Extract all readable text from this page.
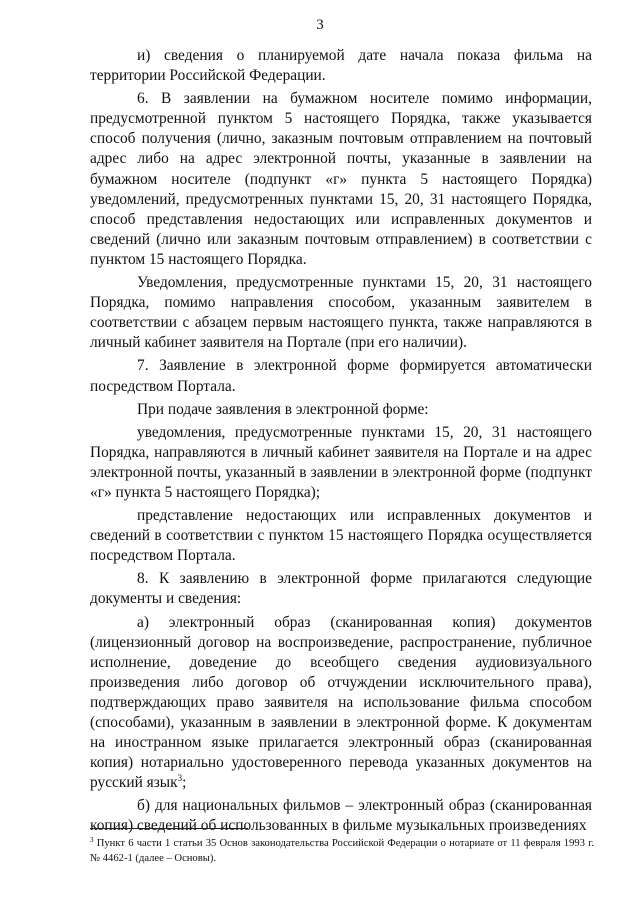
3

и) сведения о планируемой дате начала показа фильма на территории Российской Федерации.

6. В заявлении на бумажном носителе помимо информации, предусмотренной пунктом 5 настоящего Порядка, также указывается способ получения (лично, заказным почтовым отправлением на почтовый адрес либо на адрес электронной почты, указанные в заявлении на бумажном носителе (подпункт «г» пункта 5 настоящего Порядка) уведомлений, предусмотренных пунктами 15, 20, 31 настоящего Порядка, способ представления недостающих или исправленных документов и сведений (лично или заказным почтовым отправлением) в соответствии с пунктом 15 настоящего Порядка.

Уведомления, предусмотренные пунктами 15, 20, 31 настоящего Порядка, помимо направления способом, указанным заявителем в соответствии с абзацем первым настоящего пункта, также направляются в личный кабинет заявителя на Портале (при его наличии).

7. Заявление в электронной форме формируется автоматически посредством Портала.

При подаче заявления в электронной форме:

уведомления, предусмотренные пунктами 15, 20, 31 настоящего Порядка, направляются в личный кабинет заявителя на Портале и на адрес электронной почты, указанный в заявлении в электронной форме (подпункт «г» пункта 5 настоящего Порядка);

представление недостающих или исправленных документов и сведений в соответствии с пунктом 15 настоящего Порядка осуществляется посредством Портала.

8. К заявлению в электронной форме прилагаются следующие документы и сведения:

а) электронный образ (сканированная копия) документов (лицензионный договор на воспроизведение, распространение, публичное исполнение, доведение до всеобщего сведения аудиовизуального произведения либо договор об отчуждении исключительного права), подтверждающих право заявителя на использование фильма способом (способами), указанным в заявлении в электронной форме. К документам на иностранном языке прилагается электронный образ (сканированная копия) нотариально удостоверенного перевода указанных документов на русский язык$^3$;

б) для национальных фильмов – электронный образ (сканированная копия) сведений об использованных в фильме музыкальных произведениях

$^3$ Пункт 6 части 1 статьи 35 Основ законодательства Российской Федерации о нотариате от 11 февраля 1993 г. № 4462-1 (далее – Основы).
